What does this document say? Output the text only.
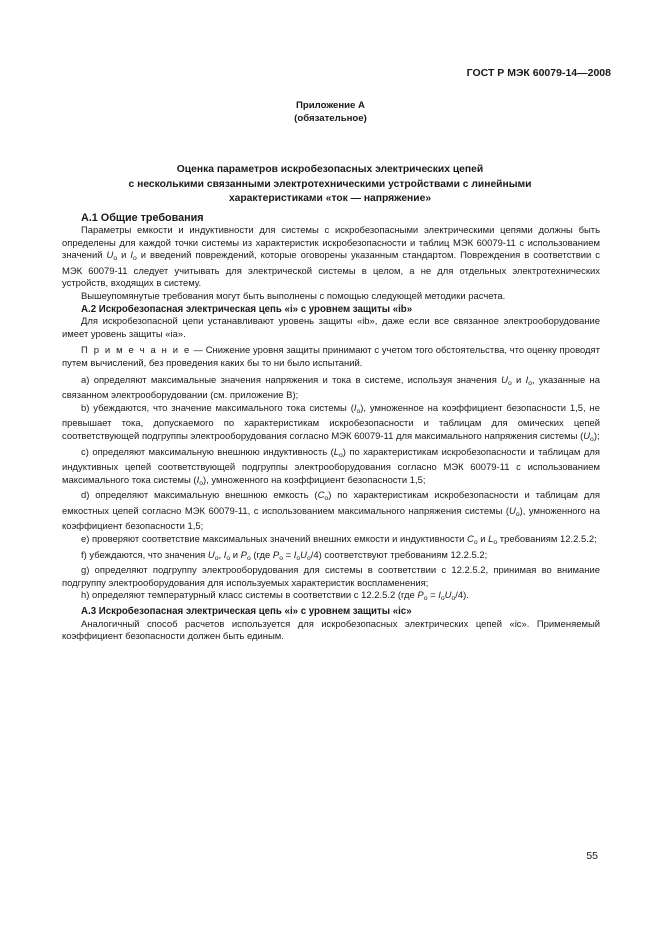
ГОСТ Р МЭК 60079-14—2008
Приложение А
(обязательное)
Оценка параметров искробезопасных электрических цепей
с несколькими связанными электротехническими устройствами с линейными
характеристиками «ток — напряжение»
А.1 Общие требования

Параметры емкости и индуктивности для системы с искробезопасными электрическими цепями должны быть определены для каждой точки системы из характеристик искробезопасности и таблиц МЭК 60079-11 с использованием значений $U_o$ и $I_o$ и введений повреждений, которые оговорены указанным стандартом. Повреждения в соответствии с МЭК 60079-11 следует учитывать для электрической системы в целом, а не для отдельных электротехнических устройств, входящих в систему.

Вышеупомянутые требования могут быть выполнены с помощью следующей методики расчета.

А.2 Искробезопасная электрическая цепь «i» с уровнем защиты «ib»

Для искробезопасной цепи устанавливают уровень защиты «ib», даже если все связанное электрооборудование имеет уровень защиты «ia».

П р и м е ч а н и е — Снижение уровня защиты принимают с учетом того обстоятельства, что оценку проводят путем вычислений, без проведения каких бы то ни было испытаний.

a) определяют максимальные значения напряжения и тока в системе, используя значения $U_o$ и $I_o$, указанные на связанном электрооборудовании (см. приложение В);

b) убеждаются, что значение максимального тока системы $(I_o)$, умноженное на коэффициент безопасности 1,5, не превышает тока, допускаемого по характеристикам искробезопасности и таблицам для омических цепей соответствующей подгруппы электрооборудования согласно МЭК 60079-11 для максимального напряжения системы $(U_o)$;

c) определяют максимальную внешнюю индуктивность $(L_o)$ по характеристикам искробезопасности и таблицам для индуктивных цепей соответствующей подгруппы электрооборудования согласно МЭК 60079-11 с использованием максимального тока системы $(I_o)$, умноженного на коэффициент безопасности 1,5;

d) определяют максимальную внешнюю емкость $(C_o)$ по характеристикам искробезопасности и таблицам для емкостных цепей согласно МЭК 60079-11, с использованием максимального напряжения системы $(U_o)$, умноженного на коэффициент безопасности 1,5;

e) проверяют соответствие максимальных значений внешних емкости и индуктивности $C_o$ и $L_o$ требованиям 12.2.5.2;

f) убеждаются, что значения $U_o$, $I_o$ и $P_o$ (где $P_o = I_oU_o/4$) соответствуют требованиям 12.2.5.2;

g) определяют подгруппу электрооборудования для системы в соответствии с 12.2.5.2, принимая во внимание подгруппу электрооборудования для используемых характеристик воспламенения;

h) определяют температурный класс системы в соответствии с 12.2.5.2 (где $P_o = I_oU_o/4$).

А.3 Искробезопасная электрическая цепь «i» с уровнем защиты «ic»

Аналогичный способ расчетов используется для искробезопасных электрических цепей «ic». Применяемый коэффициент безопасности должен быть единым.

55
